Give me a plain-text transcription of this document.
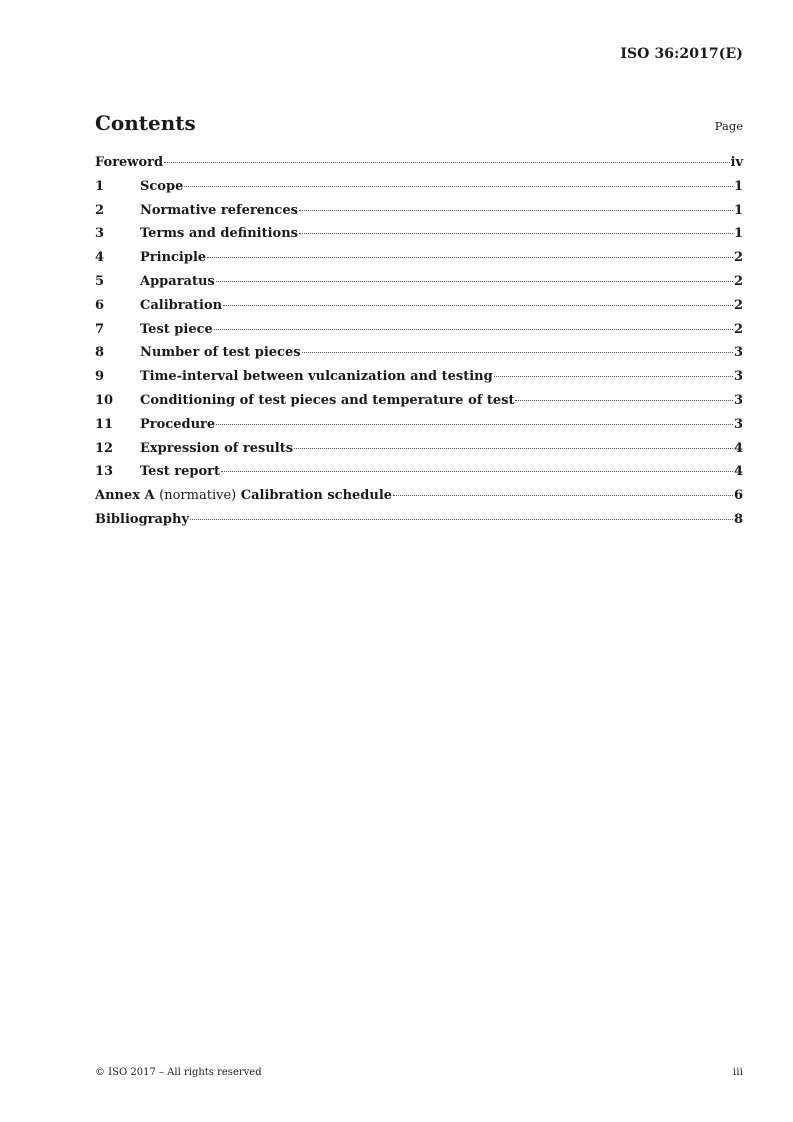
ISO 36:2017(E)
Contents	Page
Foreword	iv
1	Scope	1
2	Normative references	1
3	Terms and definitions	1
4	Principle	2
5	Apparatus	2
6	Calibration	2
7	Test piece	2
8	Number of test pieces	3
9	Time-interval between vulcanization and testing	3
10	Conditioning of test pieces and temperature of test	3
11	Procedure	3
12	Expression of results	4
13	Test report	4
Annex A (normative) Calibration schedule	6
Bibliography	8
© ISO 2017 – All rights reserved	iii
